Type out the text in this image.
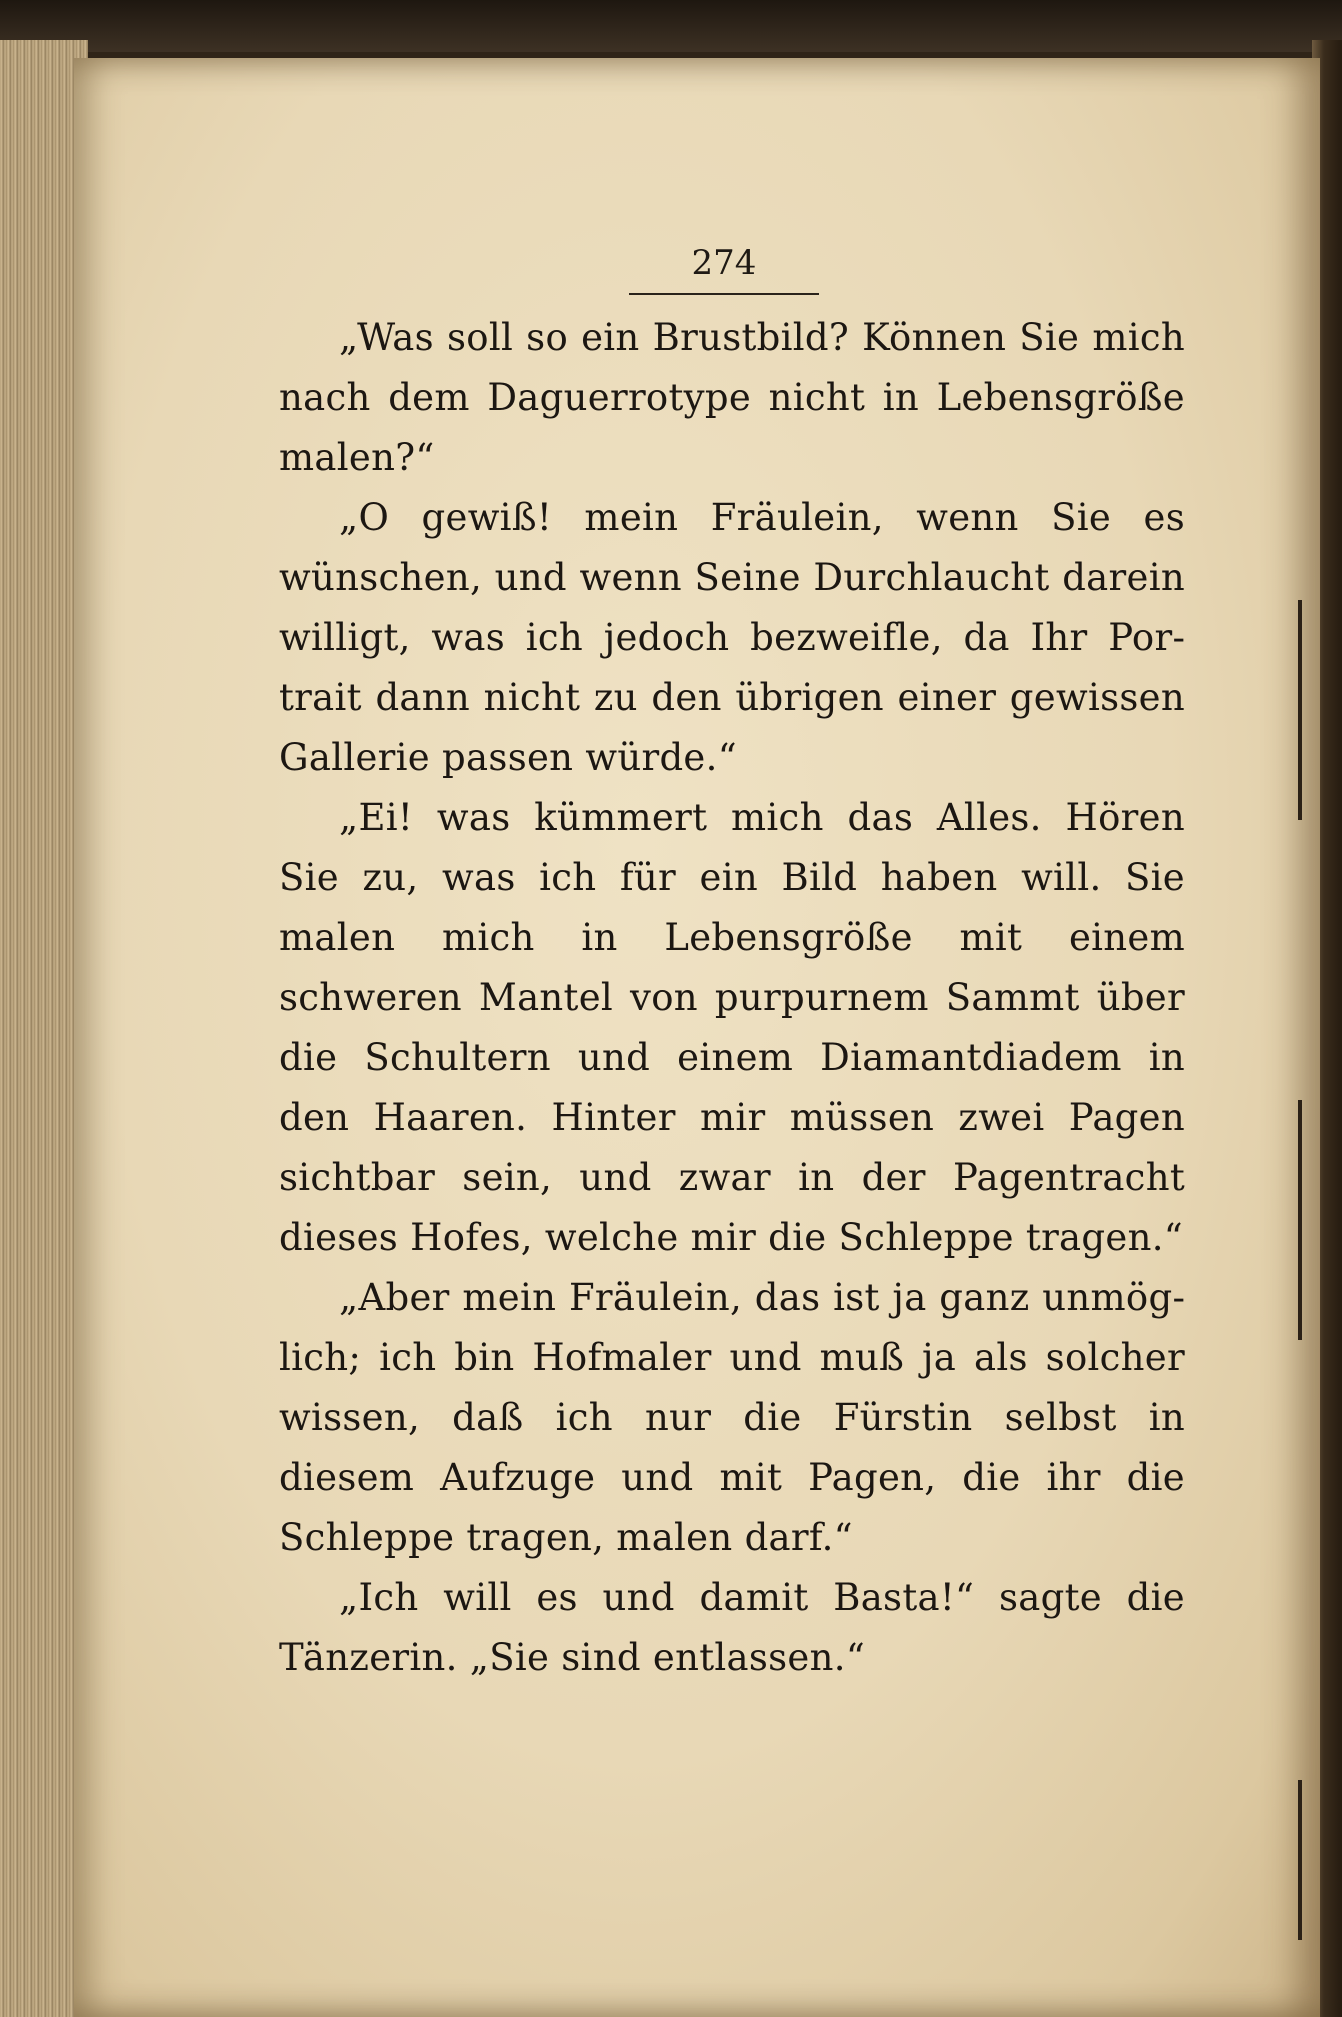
274

„Was soll so ein Brustbild? Können Sie mich nach dem Daguerrotype nicht in Lebensgröße malen?“

„O gewiß! mein Fräulein, wenn Sie es wünschen, und wenn Seine Durchlaucht darein willigt, was ich jedoch bezweifle, da Ihr Portrait dann nicht zu den übrigen einer gewissen Gallerie passen würde.“

„Ei! was kümmert mich das Alles. Hören Sie zu, was ich für ein Bild haben will. Sie malen mich in Lebensgröße mit einem schweren Mantel von purpurnem Sammt über die Schultern und einem Diamantdiadem in den Haaren. Hinter mir müssen zwei Pagen sichtbar sein, und zwar in der Pagentracht dieses Hofes, welche mir die Schleppe tragen.“

„Aber mein Fräulein, das ist ja ganz unmöglich; ich bin Hofmaler und muß ja als solcher wissen, daß ich nur die Fürstin selbst in diesem Aufzuge und mit Pagen, die ihr die Schleppe tragen, malen darf.“

„Ich will es und damit Basta!“ sagte die Tänzerin. „Sie sind entlassen.“
